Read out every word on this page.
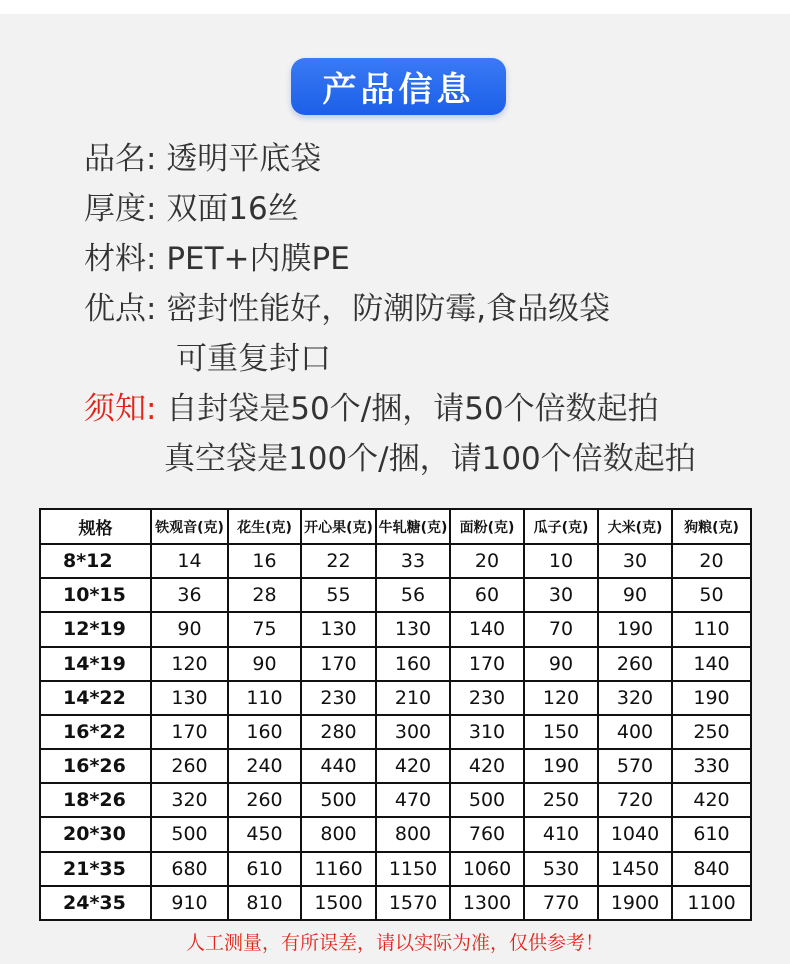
产品信息
品名: 透明平底袋
厚度: 双面16丝
材料: PET+内膜PE
优点: 密封性能好，防潮防霉,食品级袋
可重复封口
须知: 自封袋是50个/捆，请50个倍数起拍
真空袋是100个/捆，请100个倍数起拍
规格	铁观音(克)	花生(克)	开心果(克)	牛轧糖(克)	面粉(克)	瓜子(克)	大米(克)	狗粮(克)
8*12	14	16	22	33	20	10	30	20
10*15	36	28	55	56	60	30	90	50
12*19	90	75	130	130	140	70	190	110
14*19	120	90	170	160	170	90	260	140
14*22	130	110	230	210	230	120	320	190
16*22	170	160	280	300	310	150	400	250
16*26	260	240	440	420	420	190	570	330
18*26	320	260	500	470	500	250	720	420
20*30	500	450	800	800	760	410	1040	610
21*35	680	610	1160	1150	1060	530	1450	840
24*35	910	810	1500	1570	1300	770	1900	1100
人工测量，有所误差，请以实际为准，仅供参考！
